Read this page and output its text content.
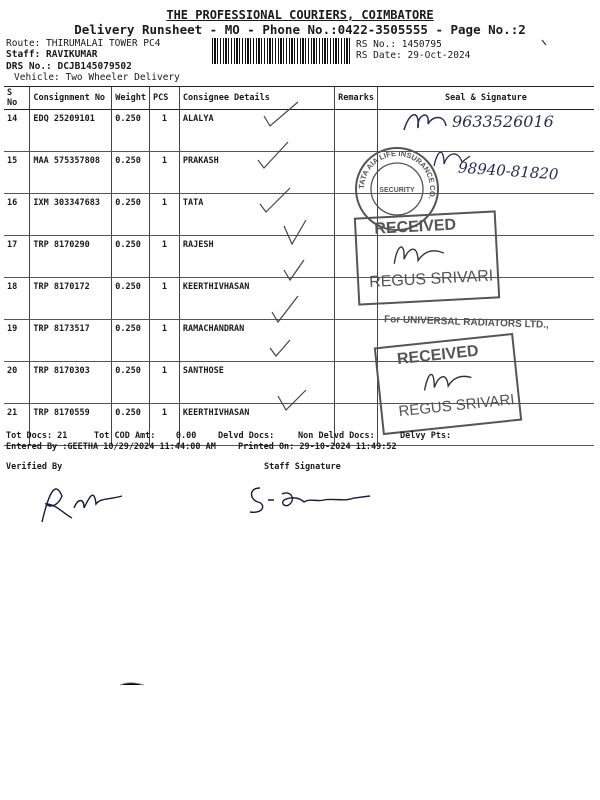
THE PROFESSIONAL COURIERS, COIMBATORE
Delivery Runsheet - MO - Phone No.:0422-3505555 - Page No.:2
Route: THIRUMALAI TOWER PC4
Staff: RAVIKUMAR
DRS No.: DCJB145079502
Vehicle: Two Wheeler Delivery
RS No.: 1450795
RS Date: 29-Oct-2024
S No	Consignment No	Weight	PCS	Consignee Details	Remarks	Seal & Signature
14	EDQ 25209101	0.250	1	ALALYA		
15	MAA 575357808	0.250	1	PRAKASH		
16	IXM 303347683	0.250	1	TATA		
17	TRP 8170290	0.250	1	RAJESH		
18	TRP 8170172	0.250	1	KEERTHIVHASAN		
19	TRP 8173517	0.250	1	RAMACHANDRAN		
20	TRP 8170303	0.250	1	SANTHOSE		
21	TRP 8170559	0.250	1	KEERTHIVHASAN		
9633526016
98940-81820
TATA AIA LIFE INSURANCE CO.
SECURITY
RECEIVED
REGUS SRIVARI
For UNIVERSAL RADIATORS LTD.,
RECEIVED
REGUS SRIVARI
Tot Docs: 21	Tot COD Amt:    0.00	Delvd Docs:	Non Delvd Docs:	Delvy Pts:
Entered By :GEETHA 10/29/2024 11:44:00 AM	Printed On: 29-10-2024 11:49:52
Verified By	Staff Signature
